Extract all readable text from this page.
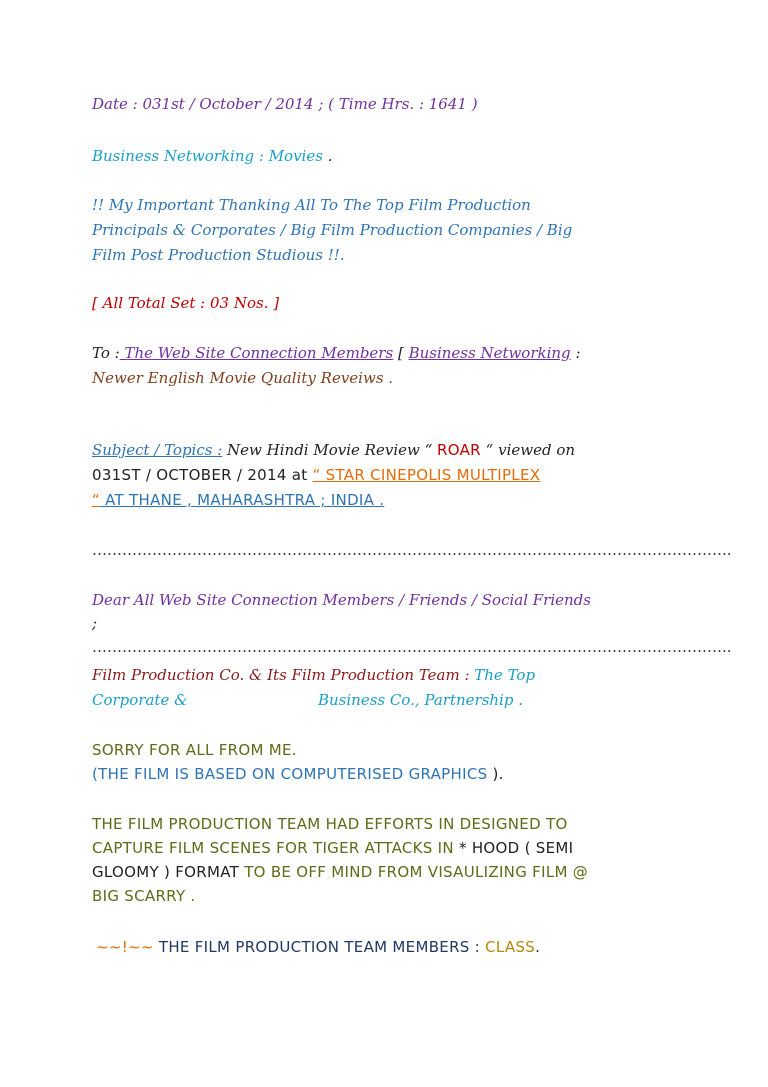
Date : 031st / October / 2014 ; ( Time Hrs. : 1641 )
Business Networking : Movies .
!! My Important Thanking All To The Top Film Production
Principals & Corporates / Big Film Production Companies / Big
Film Post Production Studious !!.
[ All Total Set : 03 Nos. ]
To : The Web Site Connection Members [ Business Networking :
Newer English Movie Quality Reveiws .
Subject / Topics : New Hindi Movie Review “ ROAR “ viewed on
031ST / OCTOBER / 2014 at “ STAR CINEPOLIS MULTIPLEX
“ AT THANE , MAHARASHTRA ; INDIA .
………………………………………………………………………………………………………………..
Dear All Web Site Connection Members / Friends / Social Friends
;
………………………………………………………………………………………………………………..
Film Production Co. & Its Film Production Team : The Top
Corporate &	Business Co., Partnership .
SORRY FOR ALL FROM ME.
(THE FILM IS BASED ON COMPUTERISED GRAPHICS ).
THE FILM PRODUCTION TEAM HAD EFFORTS IN DESIGNED TO
CAPTURE FILM SCENES FOR TIGER ATTACKS IN * HOOD ( SEMI
GLOOMY ) FORMAT TO BE OFF MIND FROM VISAULIZING FILM @
BIG SCARRY .
~~!~~ THE FILM PRODUCTION TEAM MEMBERS : CLASS.
